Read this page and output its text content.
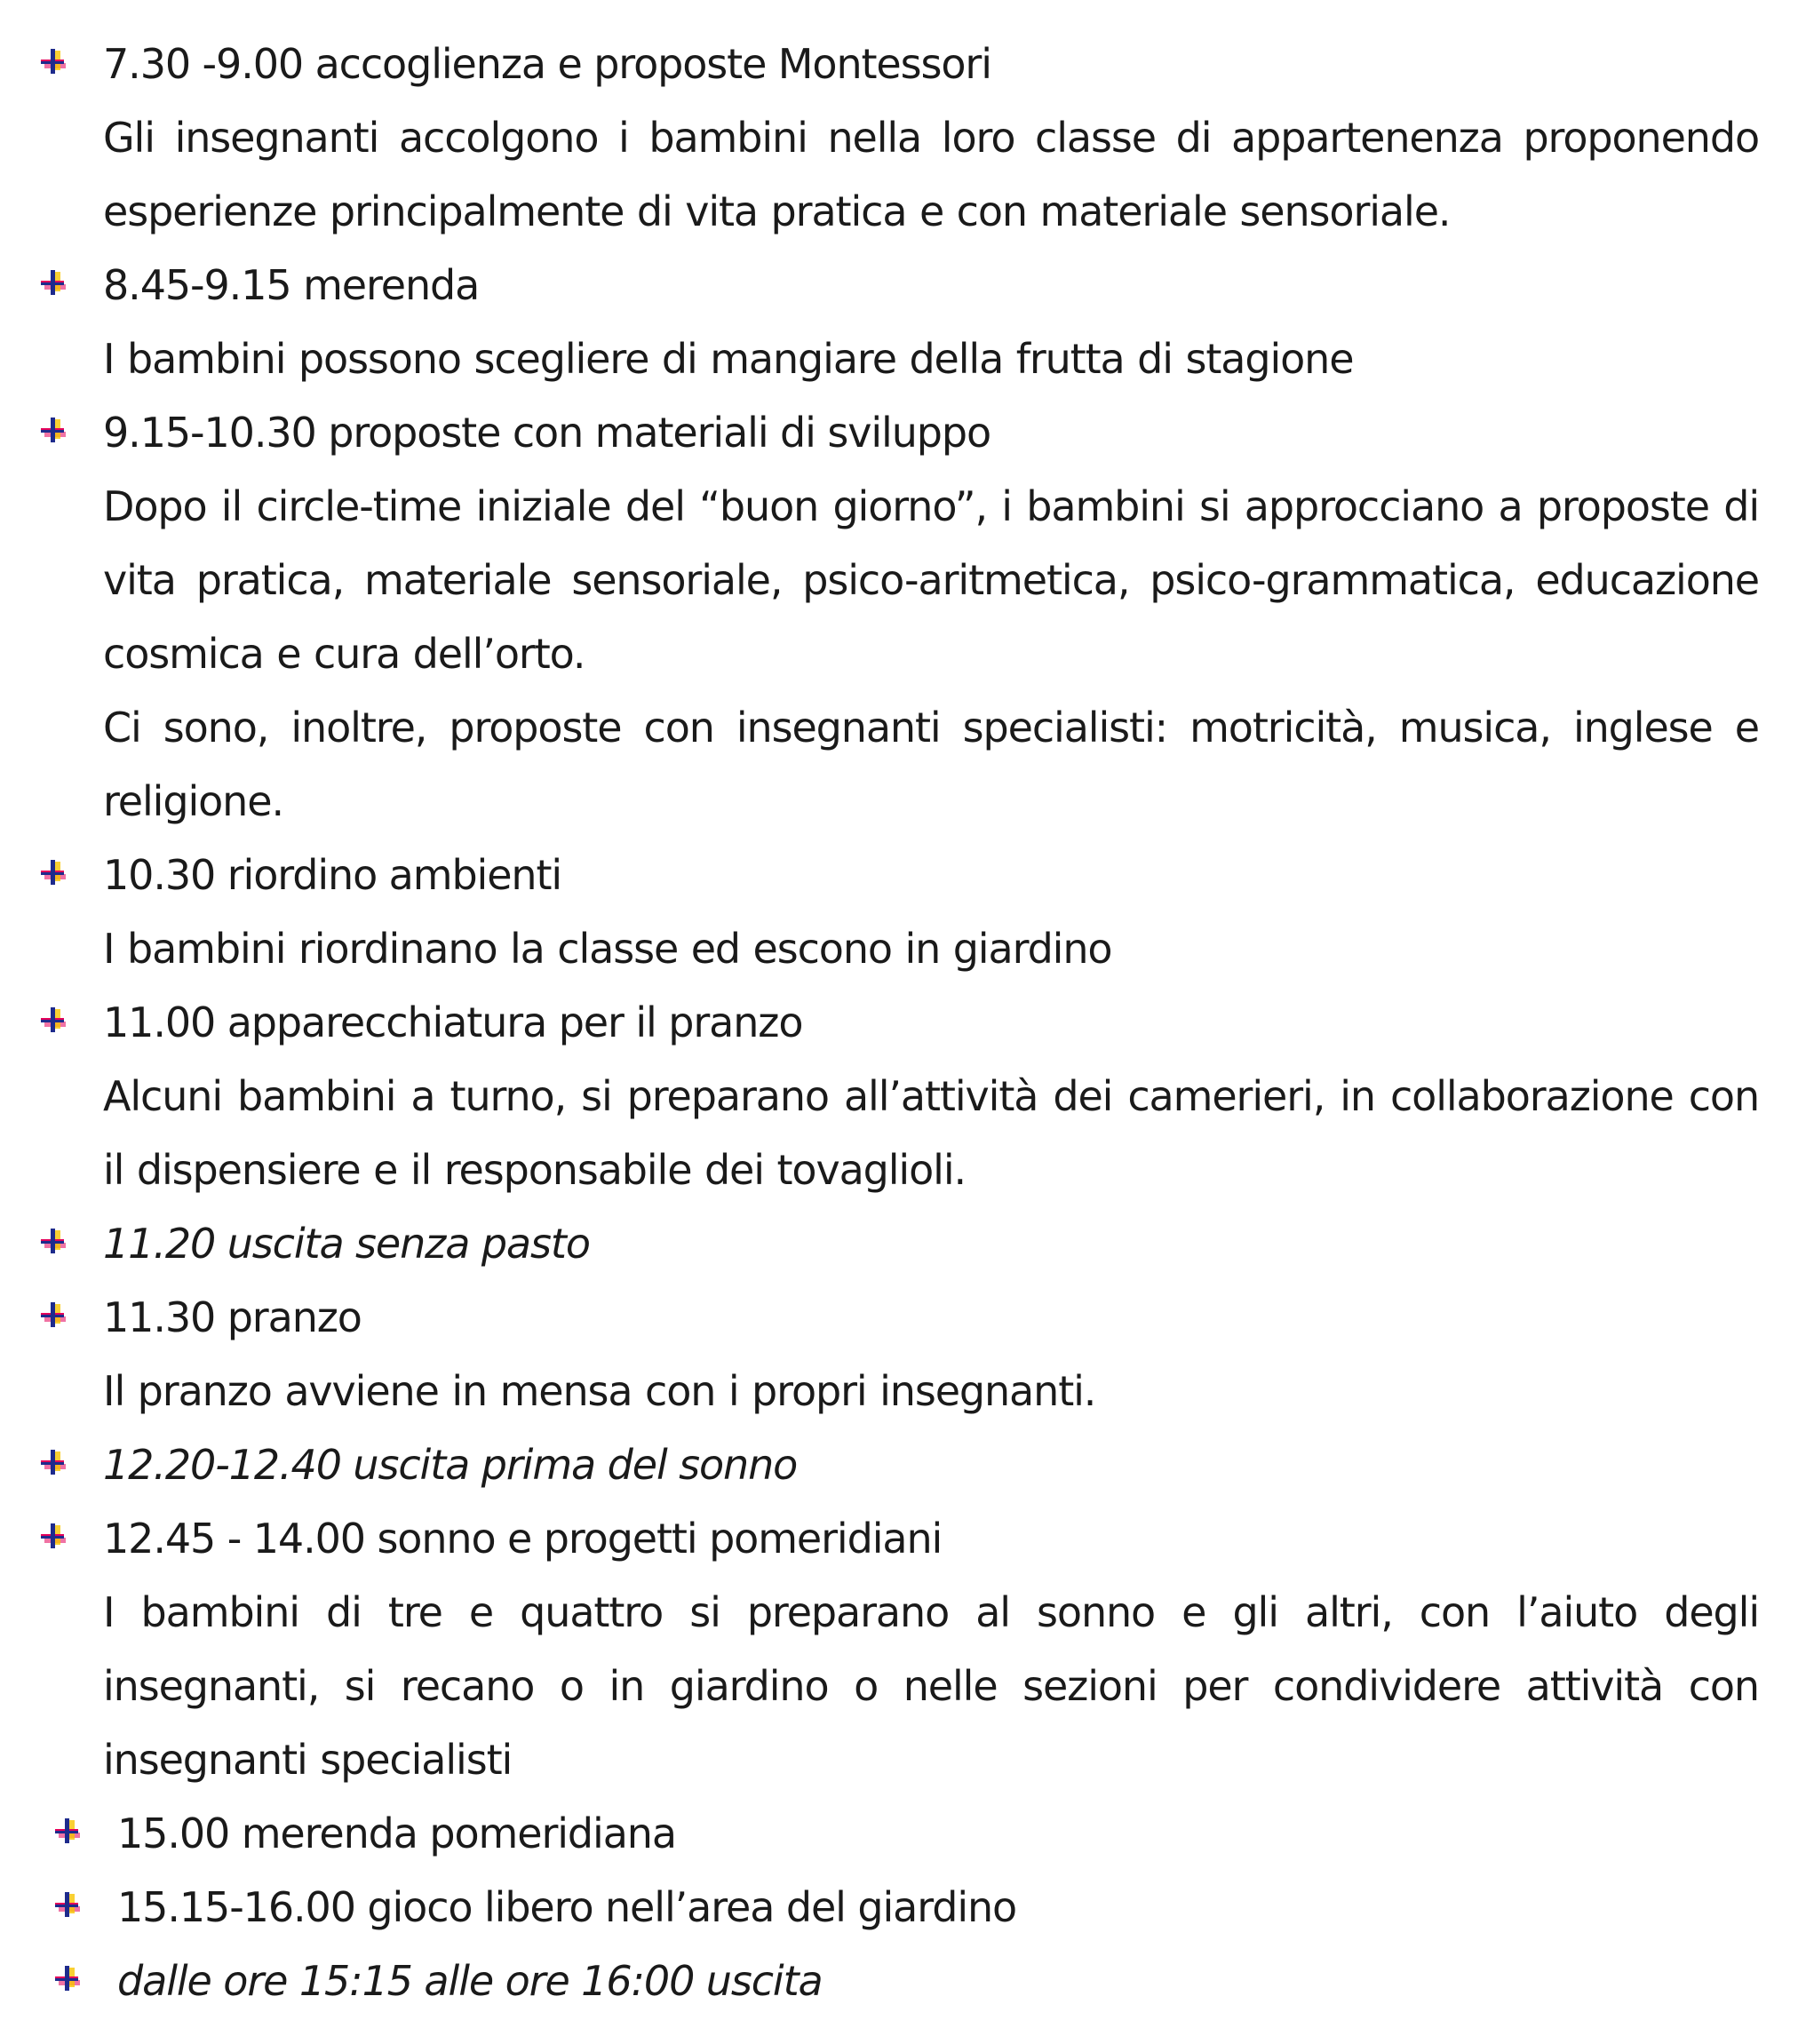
7.30 -9.00 accoglienza e proposte Montessori
Gli insegnanti accolgono i bambini nella loro classe di appartenenza proponendo esperienze principalmente di vita pratica e con materiale sensoriale.
8.45-9.15 merenda
I bambini possono scegliere di mangiare della frutta di stagione
9.15-10.30 proposte con materiali di sviluppo
Dopo il circle-time iniziale del “buon giorno”, i bambini si approcciano a proposte di vita pratica, materiale sensoriale, psico-aritmetica, psico-grammatica, educazione cosmica e cura dell’orto.
Ci sono, inoltre, proposte con insegnanti specialisti: motricità, musica, inglese e religione.
10.30 riordino ambienti
I bambini riordinano la classe ed escono in giardino
11.00 apparecchiatura per il pranzo
Alcuni bambini a turno, si preparano all’attività dei camerieri, in collaborazione con il dispensiere e il responsabile dei tovaglioli.
11.20 uscita senza pasto
11.30 pranzo
Il pranzo avviene in mensa con i propri insegnanti.
12.20-12.40 uscita prima del sonno
12.45 - 14.00 sonno e progetti pomeridiani
I bambini di tre e quattro si preparano al sonno e gli altri, con l’aiuto degli insegnanti, si recano o in giardino o nelle sezioni per condividere attività con insegnanti specialisti
15.00 merenda pomeridiana
15.15-16.00 gioco libero nell’area del giardino
dalle ore 15:15 alle ore 16:00 uscita
